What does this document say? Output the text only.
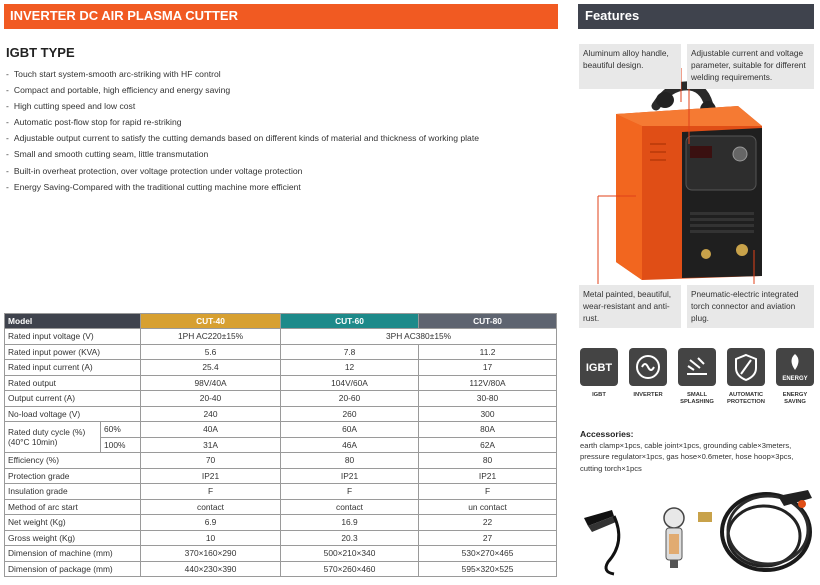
INVERTER DC AIR PLASMA CUTTER
IGBT TYPE
- Touch start system-smooth arc-striking with HF control
- Compact and portable, high efficiency and energy saving
- High cutting speed and low cost
- Automatic post-flow stop for rapid re-striking
- Adjustable output current to satisfy the cutting demands based on different kinds of material and thickness of working plate
- Small and smooth cutting seam, little transmutation
- Built-in overheat protection, over voltage protection under voltage protection
- Energy Saving-Compared with the traditional cutting machine more efficient
Model		CUT-40	CUT-60	CUT-80
Rated input voltage (V)		1PH AC220±15%	3PH AC380±15%	
Rated input power (KVA)		5.6	7.8	11.2
Rated input current (A)		25.4	12	17
Rated output		98V/40A	104V/60A	112V/80A
Output current (A)		20-40	20-60	30-80
No-load voltage (V)		240	260	300

Rated duty cycle (%)
(40°C 10min)	60%	40A	60A	80A
	100%	31A	46A	62A
Efficiency (%)		70	80	80
Protection grade		IP21	IP21	IP21
Insulation grade		F	F	F
Method of arc start		contact	contact	un contact
Net weight (Kg)		6.9	16.9	22
Gross weight (Kg)		10	20.3	27
Dimension of machine (mm)		370×160×290	500×210×340	530×270×465
Dimension of package (mm)		440×230×390	570×260×460	595×320×525
Features
Aluminum alloy handle, beautiful design.
Adjustable current and voltage parameter, suitable for different welding requirements.
Metal painted, beautiful, wear-resistant and anti-rust.
Pneumatic-electric integrated torch connector and aviation plug.
IGBT
IGBT	INVERTER	SMALL SPLASHING
AUTOMATIC PROTECTION
ENERGY
ENERGY SAVING
Accessories:
earth clamp×1pcs, cable joint×1pcs, grounding cable×3meters, pressure regulator×1pcs, gas hose×0.6meter, hose hoop×3pcs, cutting torch×1pcs
